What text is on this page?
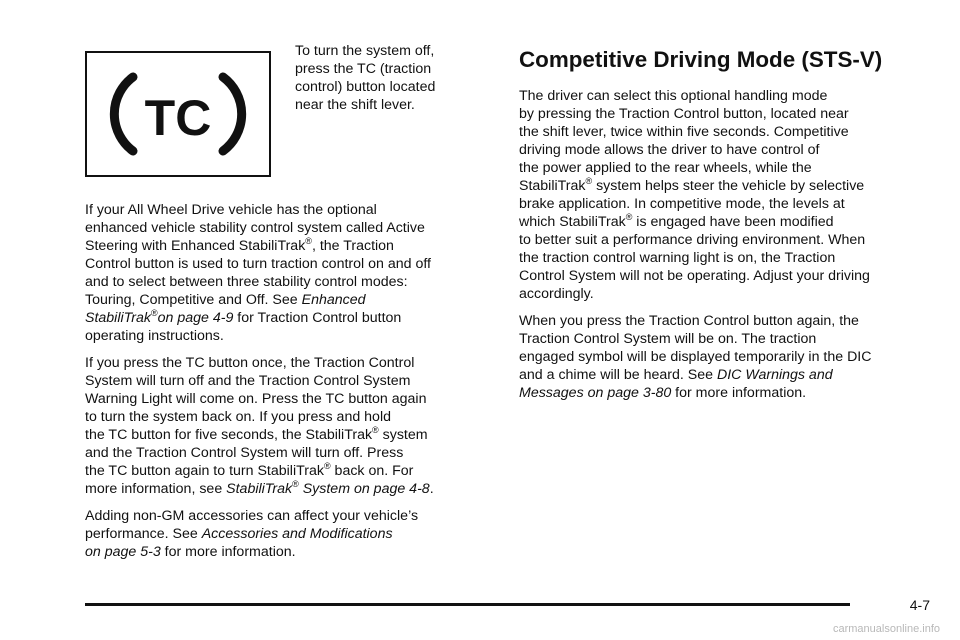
TC
To turn the system off,
press the TC (traction
control) button located
near the shift lever.

If your All Wheel Drive vehicle has the optional
enhanced vehicle stability control system called Active
Steering with Enhanced StabiliTrak®, the Traction
Control button is used to turn traction control on and off
and to select between three stability control modes:
Touring, Competitive and Off. See Enhanced
StabiliTrak®on page 4-9 for Traction Control button
operating instructions.

If you press the TC button once, the Traction Control
System will turn off and the Traction Control System
Warning Light will come on. Press the TC button again
to turn the system back on. If you press and hold
the TC button for five seconds, the StabiliTrak® system
and the Traction Control System will turn off. Press
the TC button again to turn StabiliTrak® back on. For
more information, see StabiliTrak® System on page 4-8.

Adding non-GM accessories can affect your vehicle’s
performance. See Accessories and Modifications
on page 5-3 for more information.

Competitive Driving Mode (STS-V)

The driver can select this optional handling mode
by pressing the Traction Control button, located near
the shift lever, twice within five seconds. Competitive
driving mode allows the driver to have control of
the power applied to the rear wheels, while the
StabiliTrak® system helps steer the vehicle by selective
brake application. In competitive mode, the levels at
which StabiliTrak® is engaged have been modified
to better suit a performance driving environment. When
the traction control warning light is on, the Traction
Control System will not be operating. Adjust your driving
accordingly.

When you press the Traction Control button again, the
Traction Control System will be on. The traction
engaged symbol will be displayed temporarily in the DIC
and a chime will be heard. See DIC Warnings and
Messages on page 3-80 for more information.

4-7
carmanualsonline.info
